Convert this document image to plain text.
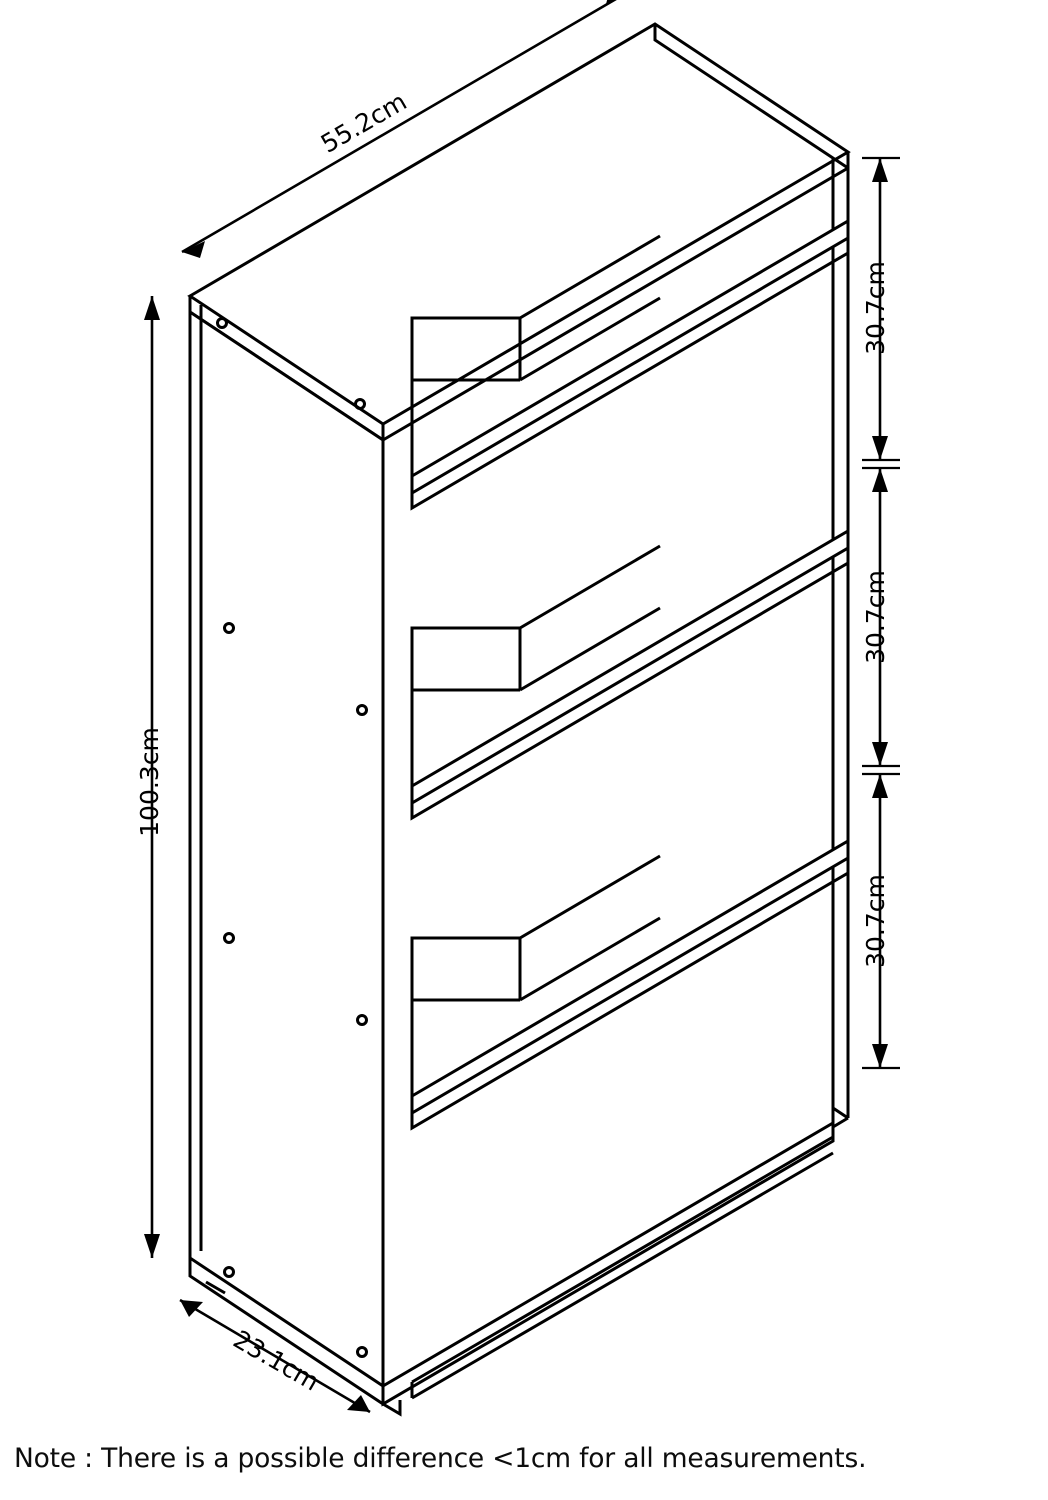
55.2cm
23.1cm
100.3cm
30.7cm
30.7cm
30.7cm
Note : There is a possible difference <1cm for all measurements.
